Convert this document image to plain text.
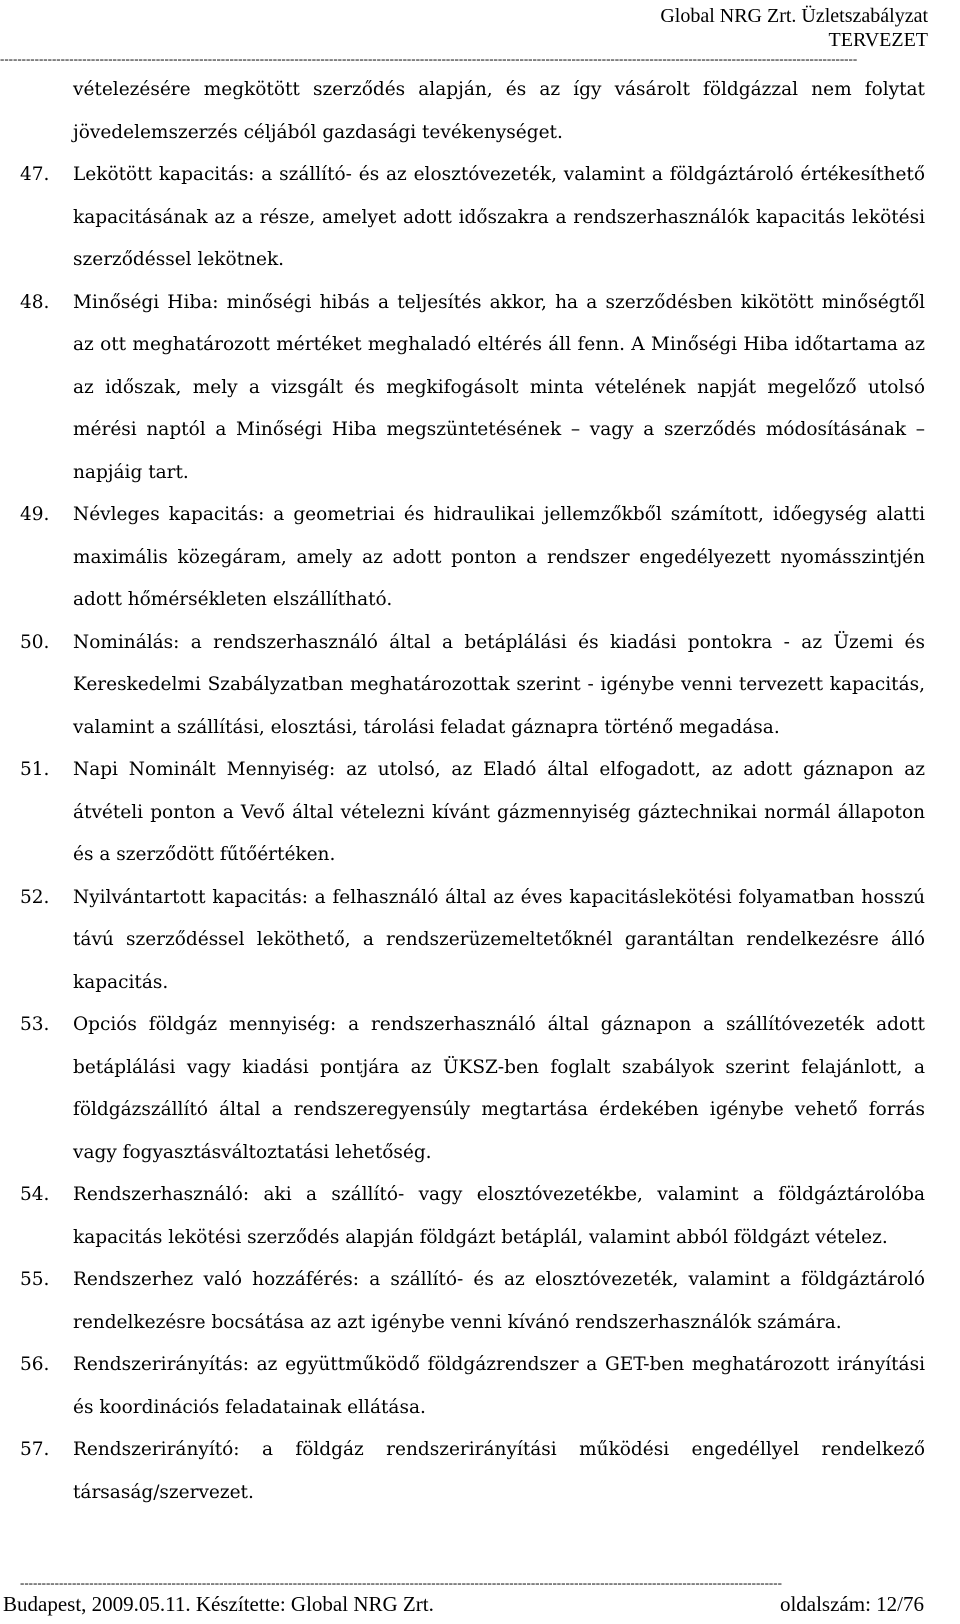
Global NRG Zrt. Üzletszabályzat
TERVEZET
------------------------------------------------------------------------------------------------------------------------------------------------------------------------------------------------------

vételezésére megkötött szerződés alapján, és az így vásárolt földgázzal nem folytat jövedelemszerzés céljából gazdasági tevékenységet.

47. Lekötött kapacitás: a szállító- és az elosztóvezeték, valamint a földgáztároló értékesíthető kapacitásának az a része, amelyet adott időszakra a rendszerhasználók kapacitás lekötési szerződéssel lekötnek.

48. Minőségi Hiba: minőségi hibás a teljesítés akkor, ha a szerződésben kikötött minőségtől az ott meghatározott mértéket meghaladó eltérés áll fenn. A Minőségi Hiba időtartama az az időszak, mely a vizsgált és megkifogásolt minta vételének napját megelőző utolsó mérési naptól a Minőségi Hiba megszüntetésének – vagy a szerződés módosításának – napjáig tart.

49. Névleges kapacitás: a geometriai és hidraulikai jellemzőkből számított, időegység alatti maximális közegáram, amely az adott ponton a rendszer engedélyezett nyomásszintjén adott hőmérsékleten elszállítható.

50. Nominálás: a rendszerhasználó által a betáplálási és kiadási pontokra - az Üzemi és Kereskedelmi Szabályzatban meghatározottak szerint - igénybe venni tervezett kapacitás, valamint a szállítási, elosztási, tárolási feladat gáznapra történő megadása.

51. Napi Nominált Mennyiség: az utolsó, az Eladó által elfogadott, az adott gáznapon az átvételi ponton a Vevő által vételezni kívánt gázmennyiség gáztechnikai normál állapoton és a szerződött fűtőértéken.

52. Nyilvántartott kapacitás: a felhasználó által az éves kapacitáslekötési folyamatban hosszú távú szerződéssel leköthető, a rendszerüzemeltetőknél garantáltan rendelkezésre álló kapacitás.

53. Opciós földgáz mennyiség: a rendszerhasználó által gáznapon a szállítóvezeték adott betáplálási vagy kiadási pontjára az ÜKSZ-ben foglalt szabályok szerint felajánlott, a földgázszállító által a rendszeregyensúly megtartása érdekében igénybe vehető forrás vagy fogyasztásváltoztatási lehetőség.

54. Rendszerhasználó: aki a szállító- vagy elosztóvezetékbe, valamint a földgáztárolóba kapacitás lekötési szerződés alapján földgázt betáplál, valamint abból földgázt vételez.

55. Rendszerhez való hozzáférés: a szállító- és az elosztóvezeték, valamint a földgáztároló rendelkezésre bocsátása az azt igénybe venni kívánó rendszerhasználók számára.

56. Rendszerirányítás: az együttműködő földgázrendszer a GET-ben meghatározott irányítási és koordinációs feladatainak ellátása.

57. Rendszerirányító: a földgáz rendszerirányítási működési engedéllyel rendelkező társaság/szervezet.

--------------------------------------------------------------------------------------------------------------------------------------------------------------------------------
Budapest, 2009.05.11. Készítette: Global NRG Zrt.	oldalszám: 12/76
